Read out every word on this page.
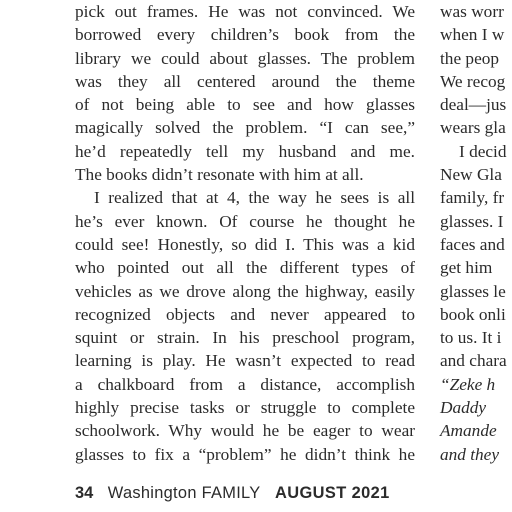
pick out frames. He was not convinced. We
borrowed every children’s book from the
library we could about glasses. The problem
was they all centered around the theme
of not being able to see and how glasses
magically solved the problem. “I can see,”
he’d repeatedly tell my husband and me.
The books didn’t resonate with him at all.
I realized that at 4, the way he sees is all
he’s ever known. Of course he thought he
could see! Honestly, so did I. This was a kid
who pointed out all the different types of
vehicles as we drove along the highway, easily
recognized objects and never appeared to
squint or strain. In his preschool program,
learning is play. He wasn’t expected to read
a chalkboard from a distance, accomplish
highly precise tasks or struggle to complete
schoolwork. Why would he be eager to wear
glasses to fix a “problem” he didn’t think he
was worr
when I w
the peop
We recog
deal—jus
wears gla
I decid
New Gla
family, fr
glasses. I
faces and
get him
glasses le
book onli
to us. It i
and chara
“Zeke h
Daddy
Amande
and they
34 Washington FAMILY AUGUST 2021
